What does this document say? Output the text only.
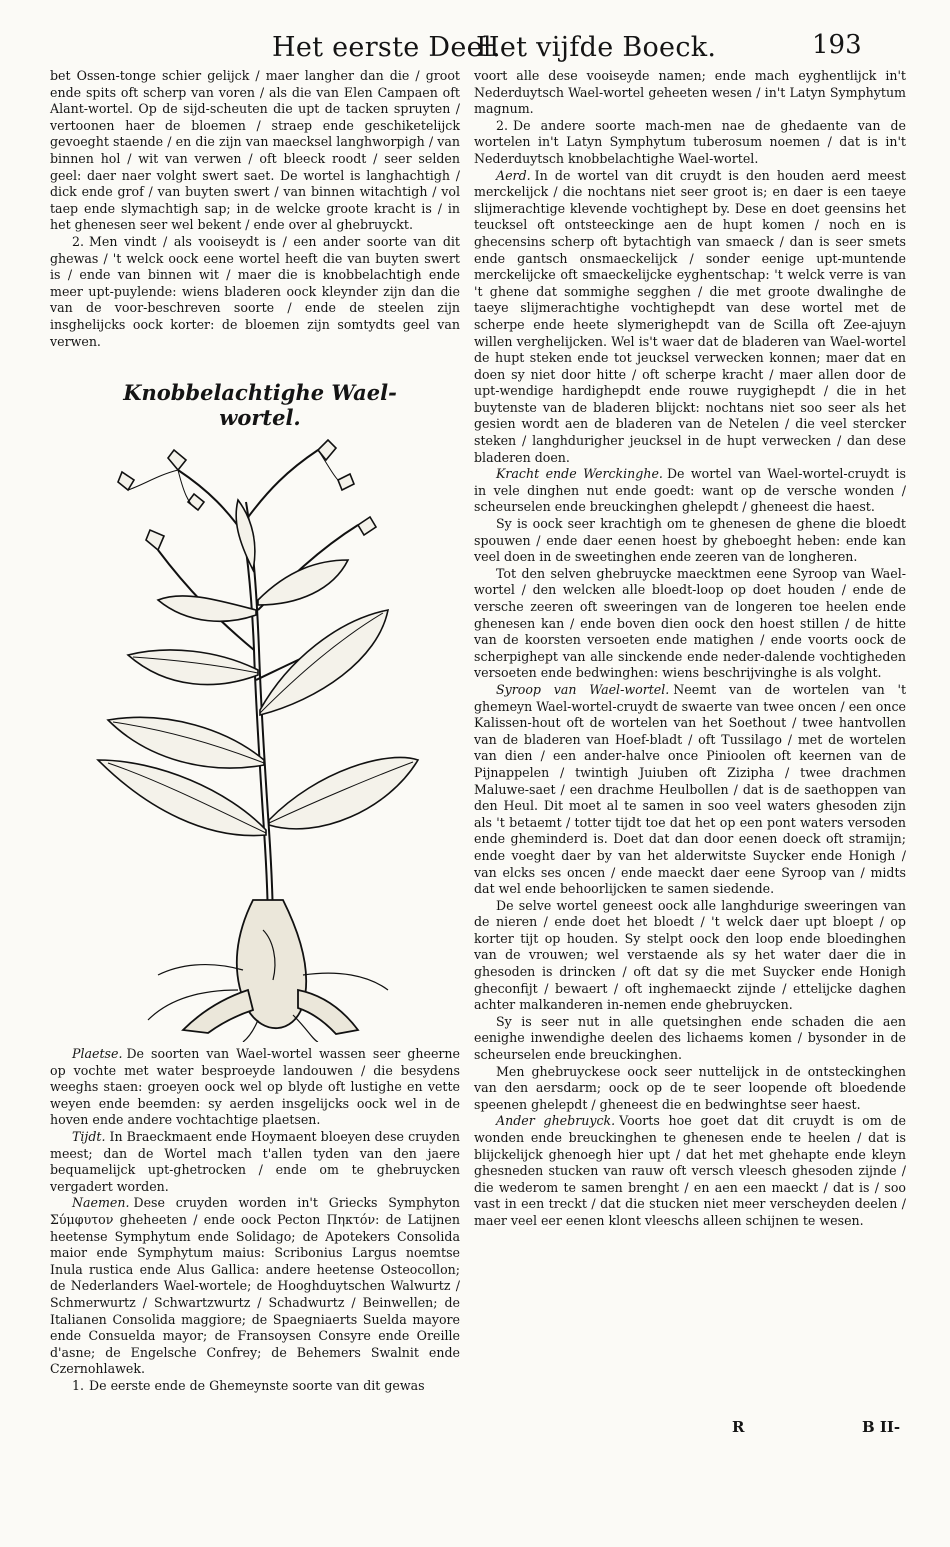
Het eerste Deel.
Het vijfde Boeck.	193

bet Ossen-tonge schier gelijck / maer langher dan die / groot ende spits oft scherp van voren / als die van Elen Campaen oft Alant-wortel. Op de sijd-scheuten die upt de tacken spruyten / vertoonen haer de bloemen / straep ende geschiketelijck gevoeght staende / en die zijn van maecksel langhworpigh / van binnen hol / wit van verwen / oft bleeck roodt / seer selden geel: daer naer volght swert saet. De wortel is langhachtigh / dick ende grof / van buyten swert / van binnen witachtigh / vol taep ende slymachtigh sap; in de welcke groote kracht is / in het ghenesen seer wel bekent / ende over al ghebruyckt.

2. Men vindt / als vooiseydt is / een ander soorte van dit ghewas / 't welck oock eene wortel heeft die van buyten swert is / ende van binnen wit / maer die is knobbelachtigh ende meer upt-puylende: wiens bladeren oock kleynder zijn dan die van de voor-beschreven soorte / ende de steelen zijn insghelijcks oock korter: de bloemen zijn somtydts geel van verwen.

Knobbelachtighe Wael-wortel.

Plaetse. De soorten van Wael-wortel wassen seer gheerne op vochte met water besproeyde landouwen / die besydens weeghs staen: groeyen oock wel op blyde oft lustighe en vette weyen ende beemden: sy aerden insgelijcks oock wel in de hoven ende andere vochtachtige plaetsen.

Tijdt. In Braeckmaent ende Hoymaent bloeyen dese cruyden meest; dan de Wortel mach t'allen tyden van den jaere bequamelijck upt-ghetrocken / ende om te ghebruycken vergadert worden.

Naemen. Dese cruyden worden in't Griecks Symphyton Σύμφυτον gheheeten / ende oock Pecton Πηκτόν: de Latijnen heetense Symphytum ende Solidago; de Apotekers Consolida maior ende Symphytum maius: Scribonius Largus noemtse Inula rustica ende Alus Gallica: andere heetense Osteocollon; de Nederlanders Wael-wortele; de Hooghduytschen Walwurtz / Schmerwurtz / Schwartzwurtz / Schadwurtz / Beinwellen; de Italianen Consolida maggiore; de Spaegniaerts Suelda mayore ende Consuelda mayor; de Fransoysen Consyre ende Oreille d'asne; de Engelsche Confrey; de Behemers Swalnit ende Czernohlawek.

1. De eerste ende de Ghemeynste soorte van dit gewas

voort alle dese vooiseyde namen; ende mach eyghentlijck in't Nederduytsch Wael-wortel geheeten wesen / in't Latyn Symphytum magnum.

2. De andere soorte mach-men nae de ghedaente van de wortelen in't Latyn Symphytum tuberosum noemen / dat is in't Nederduytsch knobbelachtighe Wael-wortel.

Aerd. In de wortel van dit cruydt is den houden aerd meest merckelijck / die nochtans niet seer groot is; en daer is een taeye slijmerachtige klevende vochtighept by. Dese en doet geensins het teucksel oft ontsteeckinge aen de hupt komen / noch en is ghecensins scherp oft bytachtigh van smaeck / dan is seer smets ende gantsch onsmaeckelijck / sonder eenige upt-muntende merckelijcke oft smaeckelijcke eyghentschap: 't welck verre is van 't ghene dat sommighe segghen / die met groote dwalinghe de taeye slijmerachtighe vochtighepdt van dese wortel met de scherpe ende heete slymerighepdt van de Scilla oft Zee-ajuyn willen verghelijcken. Wel is't waer dat de bladeren van Wael-wortel de hupt steken ende tot jeucksel verwecken konnen; maer dat en doen sy niet door hitte / oft scherpe kracht / maer allen door de upt-wendige hardighepdt ende rouwe ruygighepdt / die in het buytenste van de bladeren blijckt: nochtans niet soo seer als het gesien wordt aen de bladeren van de Netelen / die veel stercker steken / langhdurigher jeucksel in de hupt verwecken / dan dese bladeren doen.

Kracht ende Werckinghe. De wortel van Wael-wortel-cruydt is in vele dinghen nut ende goedt: want op de versche wonden / scheurselen ende breuckinghen ghelepdt / gheneest die haest.

Sy is oock seer krachtigh om te ghenesen de ghene die bloedt spouwen / ende daer eenen hoest by gheboeght heben: ende kan veel doen in de sweetinghen ende zeeren van de longheren.

Tot den selven ghebruycke maecktmen eene Syroop van Wael-wortel / den welcken alle bloedt-loop op doet houden / ende de versche zeeren oft sweeringen van de longeren toe heelen ende ghenesen kan / ende boven dien oock den hoest stillen / de hitte van de koorsten versoeten ende matighen / ende voorts oock de scherpighept van alle sinckende ende neder-dalende vochtigheden versoeten ende bedwinghen: wiens beschrijvinghe is als volght.

Syroop van Wael-wortel. Neemt van de wortelen van 't ghemeyn Wael-wortel-cruydt de swaerte van twee oncen / een once Kalissen-hout oft de wortelen van het Soethout / twee hantvollen van de bladeren van Hoef-bladt / oft Tussilago / met de wortelen van dien / een ander-halve once Pinioolen oft keernen van de Pijnappelen / twintigh Juiuben oft Zizipha / twee drachmen Maluwe-saet / een drachme Heulbollen / dat is de saethoppen van den Heul. Dit moet al te samen in soo veel waters ghesoden zijn als 't betaemt / totter tijdt toe dat het op een pont waters versoden ende gheminderd is. Doet dat dan door eenen doeck oft stramijn; ende voeght daer by van het alderwitste Suycker ende Honigh / van elcks ses oncen / ende maeckt daer eene Syroop van / midts dat wel ende behoorlijcken te samen siedende.

De selve wortel geneest oock alle langhdurige sweeringen van de nieren / ende doet het bloedt / 't welck daer upt bloept / op korter tijt op houden. Sy stelpt oock den loop ende bloedinghen van de vrouwen; wel verstaende als sy het water daer die in ghesoden is drincken / oft dat sy die met Suycker ende Honigh gheconfijt / bewaert / oft inghemaeckt zijnde / ettelijcke daghen achter malkanderen in-nemen ende ghebruycken.

Sy is seer nut in alle quetsinghen ende schaden die aen eenighe inwendighe deelen des lichaems komen / bysonder in de scheurselen ende breuckinghen.

Men ghebruyckese oock seer nuttelijck in de ontsteckinghen van den aersdarm; oock op de te seer loopende oft bloedende speenen ghelepdt / gheneest die en bedwinghtse seer haest.

Ander ghebruyck. Voorts hoe goet dat dit cruydt is om de wonden ende breuckinghen te ghenesen ende te heelen / dat is blijckelijck ghenoegh hier upt / dat het met ghehapte ende kleyn ghesneden stucken van rauw oft versch vleesch ghesoden zijnde / die wederom te samen brenght / en aen een maeckt / dat is / soo vast in een treckt / dat die stucken niet meer verscheyden deelen / maer veel eer eenen klont vleeschs alleen schijnen te wesen.

R	B II-
